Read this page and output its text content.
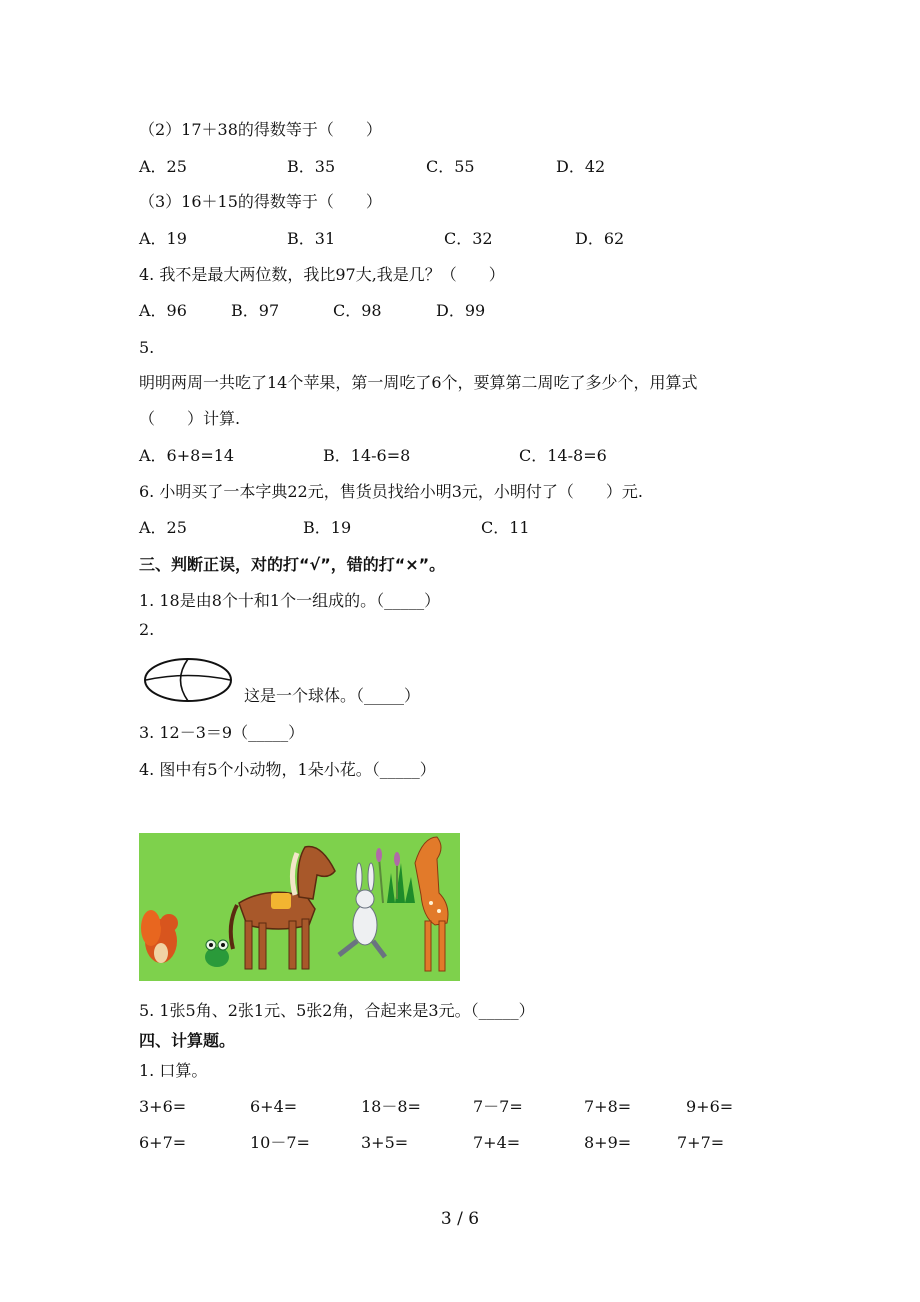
（2）17＋38的得数等于（　　）
A．25	B．35	C．55	D．42
（3）16＋15的得数等于（　　）
A．19	B．31	C．32	D．62
4. 我不是最大两位数，我比97大,我是几？（　　）
A．96	B．97	C．98	D．99
5.
明明两周一共吃了14个苹果，第一周吃了6个，要算第二周吃了多少个，用算式
（　　）计算.
A．6+8=14	B．14-6=8	C．14-8=6
6. 小明买了一本字典22元，售货员找给小明3元，小明付了（　　）元.
A．25	B．19	C．11
三、判断正误，对的打“√”，错的打“×”。
1. 18是由8个十和1个一组成的。（_____）
2.
这是一个球体。（_____）
3. 12－3＝9（_____）
4. 图中有5个小动物，1朵小花。（_____）
5. 1张5角、2张1元、5张2角，合起来是3元。（_____）
四、计算题。
1. 口算。
3+6=	6+4=	18－8=	7－7=	7+8=	9+6=
6+7=	10－7=	3+5=	7+4=	8+9=	7+7=
3 / 6
